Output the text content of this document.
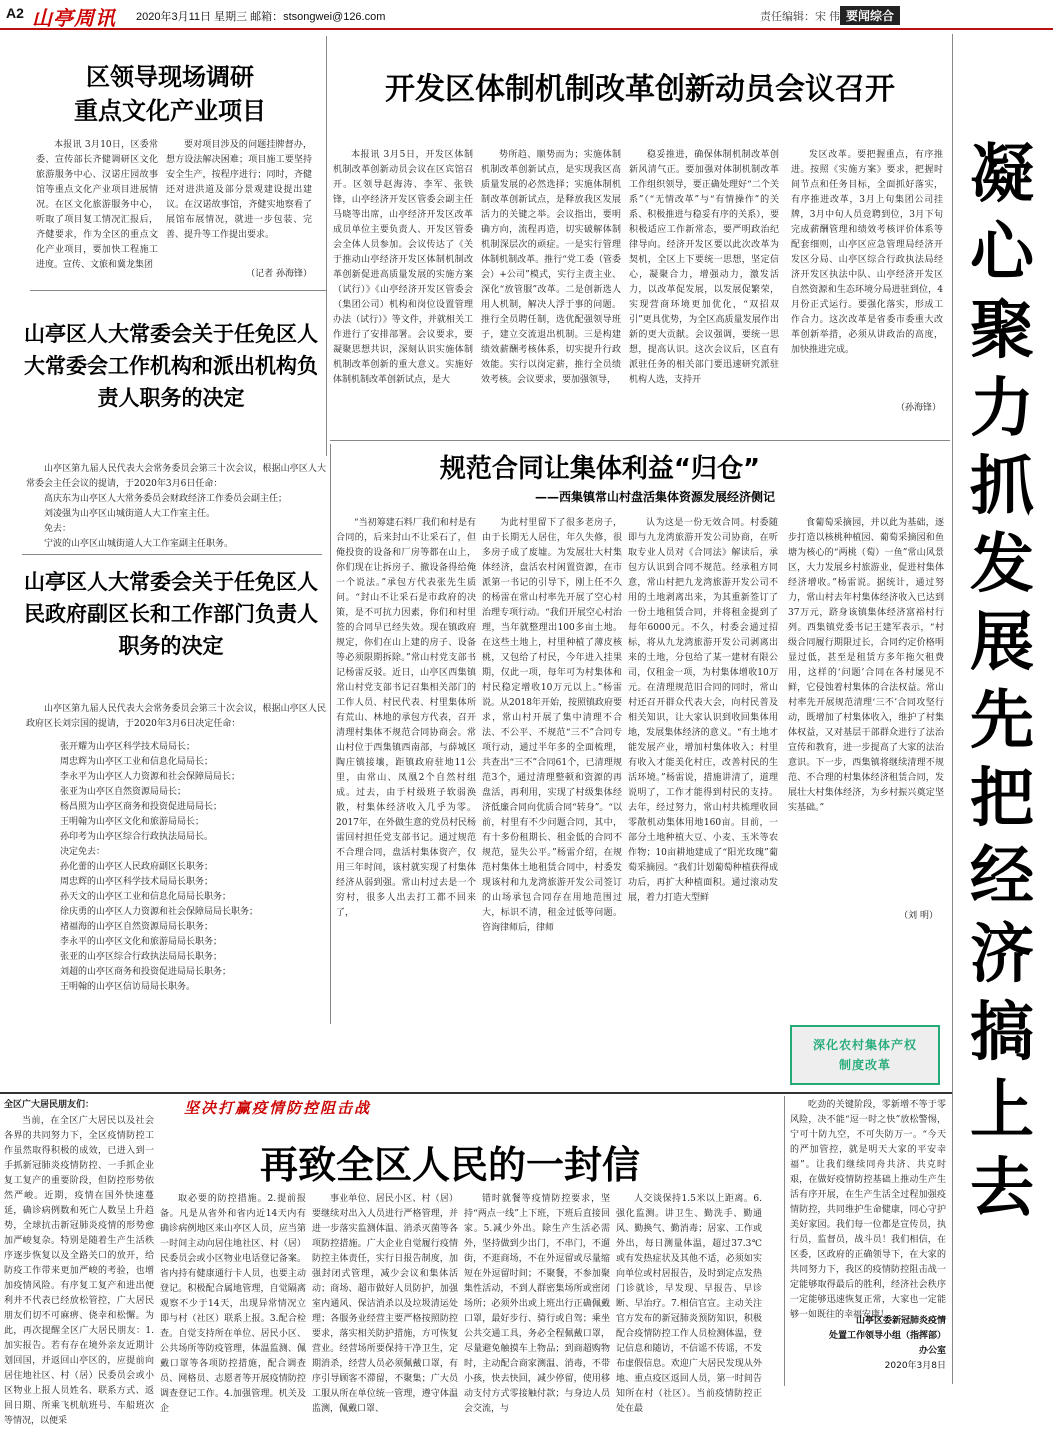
A2 山亭周讯 2020年3月11日 星期三 邮箱：stsongwei@126.com	责任编辑：宋 伟 要闻综合
凝心聚力抓发展 先把经济搞上去
区领导现场调研
重点文化产业项目

本报讯 3月10日，区委常委、宣传部长齐健调研区文化旅游服务中心、汉诺庄园故事馆等重点文化产业项目进展情况。在区文化旅游服务中心，听取了项目复工情况汇报后，齐健要求，作为全区的重点文化产业项目，要加快工程施工进度。宣传、文旅和冀龙集团

要对项目涉及的问题挂牌督办，想方设法解决困难；项目施工要坚持安全生产，按程序进行；同时，齐健还对进洪道及部分景观建设提出建议。在汉诺故事馆，齐健实地察看了展馆布展情况，就进一步包装、完善、提升等工作提出要求。

（记者 孙海锋）
开发区体制机制改革创新动员会议召开

本报讯 3月5日，开发区体制机制改革创新动员会议在区宾馆召开。区领导赵海涛、李军、张铁锋，山亭经济开发区管委会副主任马晓等出席，山亭经济开发区改革成员单位主要负责人、开发区管委会全体人员参加。会议传达了《关于推动山亭经济开发区体制机制改革创新促进高质量发展的实施方案（试行）》《山亭经济开发区管委会（集团公司）机构和岗位设置管理办法（试行）》等文件，并就相关工作进行了安排部署。会议要求，要凝聚思想共识，深刻认识实施体制机制改革创新的重大意义。实施好体制机制改革创新试点，是大

势所趋、顺势而为；实施体制机制改革创新试点，是实现我区高质量发展的必然选择；实施体制机制改革创新试点，是释放我区发展活力的关键之举。会议指出，要明确方向，流程再造，切实破解体制机制深层次的顽症。一是实行管理体制机制改革。推行“党工委（管委会）+公司”模式，实行主责主业、深化“放管服”改革。二是创新选人用人机制，解决人浮于事的问题。推行全员聘任制，选优配强领导班子，建立交流退出机制。三是构建绩效薪酬考核体系，切实提升行政效能。实行以岗定薪，推行全员绩效考核。会议要求，要加强领导，

稳妥推进，确保体制机制改革创新风清气正。要加强对体制机制改革工作组织领导，要正确处理好“二个关系”（“无情改革”与“有情操作”的关系、积极推进与稳妥有序的关系），要积极适应工作新常态，要严明政治纪律导向。经济开发区要以此次改革为契机，全区上下要统一思想，坚定信心，凝聚合力，增强动力，激发活力，以改革促发展，以发展促繁荣，实现营商环境更加优化，“双招双引”更具优势，为全区高质量发展作出新的更大贡献。会议强调，要统一思想，提高认识。这次会议后，区直有派驻任务的相关部门要迅速研究派驻机构人选，支持开

发区改革。要把握重点，有序推进。按照《实施方案》要求，把握时间节点和任务目标，全面抓好落实，有序推进改革，3月上旬集团公司挂牌，3月中旬人员竞聘到位，3月下旬完成薪酬管理和绩效考核评价体系等配套细则，山亭区应急管理局经济开发区分局、山亭区综合行政执法局经济开发区执法中队、山亭经济开发区自然资源和生态环境分局进驻到位，4月份正式运行。要强化落实，形成工作合力。这次改革是省委市委重大改革创新举措，必须从讲政治的高度，加快推进完成。

（孙海锋）
山亭区人大常委会关于任免区人大常委会工作机构和派出机构负责人职务的决定

山亭区第九届人民代表大会常务委员会第三十次会议，根据山亭区人大常委会主任会议的提请，于2020年3月6日任命：

高庆东为山亭区人大常务委员会财政经济工作委员会副主任；

刘凌强为山亭区山城街道人大工作室主任。

免去：

宁波的山亭区山城街道人大工作室副主任职务。

山亭区人大常委会关于任免区人民政府副区长和工作部门负责人职务的决定

山亭区第九届人民代表大会常务委员会第三十次会议，根据山亭区人民政府区长刘宗国的提请，于2020年3月6日决定任命：

张开耀为山亭区科学技术局局长；
周忠辉为山亭区工业和信息化局局长；
李永平为山亭区人力资源和社会保障局局长；
张亚为山亭区自然资源局局长；
杨昌照为山亭区商务和投资促进局局长；
王明翰为山亭区文化和旅游局局长；
孙印考为山亭区综合行政执法局局长。
决定免去：
孙化蕾的山亭区人民政府副区长职务；
周忠辉的山亭区科学技术局局长职务；
孙天文的山亭区工业和信息化局局长职务；
徐庆勇的山亭区人力资源和社会保障局局长职务；
褚福海的山亭区自然资源局局长职务；
李永平的山亭区文化和旅游局局长职务；
张亚的山亭区综合行政执法局局长职务；
刘超的山亭区商务和投资促进局局长职务；
王明翰的山亭区信访局局长职务。
规范合同让集体利益“归仓”
——西集镇常山村盘活集体资源发展经济侧记

“当初筹建石料厂我们和村是有合同的，后来封山不让采石了，但俺投资的设备和厂房等都在山上，你们现在让拆房子、撤设备得给俺一个说法。”承包方代表张先生质问。“封山不让采石是市政府的决策，是不可抗力因素，你们和村里签的合同早已经失效。现在镇政府规定，你们在山上建的房子、设备等必须限期拆除。”常山村党支部书记杨雷反驳。近日，山亭区西集镇常山村党支部书记召集相关部门的工作人员、村民代表、村里集体所有荒山、林地的承包方代表，召开清理村集体不规范合同协商会。常山村位于西集镇西南部，与薛城区陶庄镇接壤，距镇政府驻地11公里，由常山、凤凰2个自然村组成。过去，由于村级班子软弱涣散，村集体经济收入几乎为零。2017年，在外做生意的党员村民杨雷回村担任党支部书记。通过规范不合理合同，盘活村集体资产，仅用三年时间，该村就实现了村集体经济从弱到强。常山村过去是一个穷村，很多人出去打工都不回来了，

为此村里留下了很多老房子，由于长期无人居住，年久失修，很多房子成了废墟。为发展壮大村集体经济，盘活农村闲置资源，在市派第一书记的引导下，刚上任不久的杨雷在常山村率先开展了空心村治理专项行动。“我们开展空心村治理，当年就整理出100多亩土地。在这些土地上，村里种植了薄皮核桃，又包给了村民，今年进入挂果期，仅此一项，每年可为村集体和村民稳定增收10万元以上。”杨雷说。从2018年开始，按照镇政府要求，常山村开展了集中清理不合法、不公平、不规范“三不”合同专项行动，通过半年多的全面梳理，共查出“三不”合同61个，已清理规范3个，通过清理整顿和资源的再盘活，再利用，实现了村级集体经济低廉合同向优质合同“转身”。“以前，村里有不少问题合同，其中，有十多份租期长、租金低的合同不规范，显失公平。”杨雷介绍，在规范村集体土地租赁合同中，村委发现该村和九龙湾旅游开发公司签订的山场承包合同存在用地范围过大，标识不清，租金过低等问题。咨询律师后，律师

认为这是一份无效合同。村委随即与九龙湾旅游开发公司协商，在听取专业人员对《合同法》解读后，承包方认识到合同不规范。经承租方同意，常山村把九龙湾旅游开发公司不用的土地剥离出来，为其重新签订了一份土地租赁合同，并将租金提到了每年6000元。不久，村委会通过招标，将从九龙湾旅游开发公司剥离出来的土地，分包给了某一建材有限公司，仅租金一项，为村集体增收10万元。在清理规范旧合同的同时，常山村还召开群众代表大会，向村民普及相关知识，让大家认识到收回集体用地，发展集体经济的意义。“有土地才能发展产业，增加村集体收入；村里有收入才能美化村庄，改善村民的生活环境。”杨雷说，措施讲清了，道理说明了，工作才能得到村民的支持。去年，经过努力，常山村共梳理收回零散机动集体用地160亩。目前，一部分土地种植大豆、小麦、玉米等农作物；10亩耕地建成了“阳光玫瑰”葡萄采摘园。“我们计划葡萄种植获得成功后，再扩大种植面积。通过滚动发展，着力打造大型鲜

食葡萄采摘园，并以此为基础，逐步打造以核桃种植园、葡萄采摘园和鱼塘为核心的“两桃（萄）一鱼”常山风景区，大力发展乡村旅游业，促进村集体经济增收。”杨雷说。据统计，通过努力，常山村去年村集体经济收入已达到37万元，跻身该镇集体经济富裕村行列。西集镇党委书记王建军表示，“村级合同履行期限过长，合同约定价格明显过低，甚至是租赁方多年拖欠租费用，这样的‘问题’合同在各村屡见不鲜，它侵蚀着村集体的合法权益。常山村率先开展规范清理‘三不’合同攻坚行动，既增加了村集体收入，维护了村集体权益，又对基层干部群众进行了法治宣传和教育，进一步提高了大家的法治意识。下一步，西集镇将继续清理不规范、不合理的村集体经济租赁合同，发展壮大村集体经济，为乡村振兴奠定坚实基础。”

（刘 明）
深化农村集体产权
制度改革
全区广大居民朋友们：

当前，在全区广大居民以及社会各界的共同努力下，全区疫情防控工作虽然取得积极的成效，已进入到一手抓新冠肺炎疫情防控、一手抓企业复工复产的重要阶段，但防控形势依然严峻。近期，疫情在国外快速蔓延，确诊病例数和死亡人数呈上升趋势，全球抗击新冠肺炎疫情的形势愈加严峻复杂。特别是随着生产生活秩序逐步恢复以及全路关口的放开，给防疫工作带来更加严峻的考验，也增加疫情风险。有序复工复产和进出便利并不代表已经放松管控，广大居民朋友们切不可麻痹、侥幸和松懈。为此，再次提醒全区广大居民朋友：1.加实报告。若有存在境外亲友近期计划回国，并返回山亭区的，应提前向居住地社区、村（居）民委员会或小区物业上报人员姓名、联系方式、返回日期、所乘飞机航班号、车船班次等情况，以便采

坚决打赢疫情防控阻击战
再致全区人民的一封信

取必要的防控措施。2.提前报备。凡是从省外和省内近14天内有确诊病例地区来山亭区人员，应当第一时间主动向居住地社区、村（居）民委员会或小区物业电话登记备案。省内持有健康通行卡人员，也要主动登记。积极配合属地管理，自觉隔离观察不少于14天，出现异常情况立即与村（社区）联系上报。3.配合检查。自觉支持所在单位、居民小区、公共场所等防疫管理，体温监测、佩戴口罩等各项防控措施，配合调查员、网格员、志愿者等开展疫情防控调查登记工作。4.加强管理。机关及企

事业单位、居民小区、村（居）要继续对出入人员进行严格管理，并进一步落实监测体温、消杀灭菌等各项防控措施。广大企业自觉履行疫情防控主体责任，实行日报告制度，加强封闭式管理，减少会议和集体活动；商场、超市做好人员防护，加强室内通风、保洁消杀以及垃圾清运处理；各服务业经营主要严格按照防控要求，落实相关防护措施，方可恢复营业。经营场所要保持干净卫生，定期消杀，经营人员必须佩戴口罩，有序引导顾客不滞留，不聚集；广大员工服从所在单位统一管理，遵守体温监测，佩戴口罩、

错时就餐等疫情防控要求，坚持“两点一线”上下班，下班后直接回家。5.减少外出。除生产生活必需外，坚持做到少出门，不串门，不遛街，不逛商场，不在外逗留或尽量缩短在外逗留时间；不聚餐，不参加聚集性活动，不到人群密集场所或密闭场所；必须外出或上班出行正确佩戴口罩，最好步行、骑行或自驾；乘坐公共交通工具，务必全程佩戴口罩，尽量避免触摸车上物品；到商超购物时，主动配合商家测温、消毒，不带小孩，快去快回，减少停留，使用移动支付方式零接触付款；与身边人员会交流，与

人交谈保持1.5米以上距离。6.强化监测。讲卫生、勤洗手、勤通风、勤换气、勤消毒；居家、工作或外出，每日测量体温，超过37.3℃或有发热症状及其他不适，必须如实向单位或村居报告，及时到定点发热门诊就诊，早发现、早报告、早诊断、早治疗。7.相信官宣。主动关注官方发布的新冠肺炎预防知识，积极配合疫情防控工作人员检测体温，登记信息和随访，不信谣不传谣，不发布虚假信息。欢迎广大居民发现从外地、重点疫区返回人员，第一时间告知所在村（社区）。当前疫情防控正处在最

吃劲的关键阶段，零新增不等于零风险，决不能“逗一时之快”放松警惕，宁可十防九空，不可失防万一。“今天的严加管控，就是明天大家的平安幸福”。让我们继续同舟共济、共克时艰，在做好疫情防控基础上推动生产生活有序开展，在生产生活全过程加强疫情防控，共同维护生命健康，同心守护美好家园。我们每一位都是宣传员，执行员，监督员，战斗员！我们相信，在区委，区政府的正确领导下，在大家的共同努力下，我区的疫情防控阻击战一定能够取得最后的胜利，经济社会秩序一定能够迅速恢复正常，大家也一定能够一如既往的幸福安康！

山亭区委新冠肺炎疫情
处置工作领导小组（指挥部）
办公室
2020年3月8日
